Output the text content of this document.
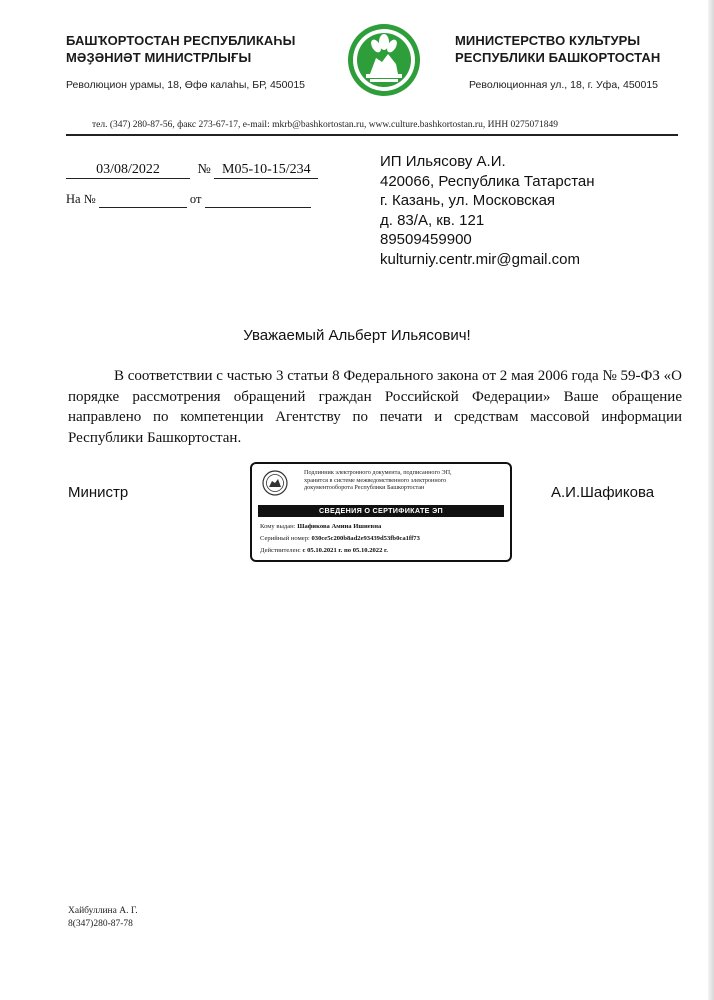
БАШҠОРТОСТАН РЕСПУБЛИКАҺЫ
МӘҘӘНИӘТ МИНИСТРЛЫҒЫ
МИНИСТЕРСТВО КУЛЬТУРЫ
РЕСПУБЛИКИ БАШКОРТОСТАН
Революцион урамы, 18, Өфө калаһы, БР, 450015	Революционная ул., 18, г. Уфа, 450015
тел. (347) 280-87-56, факс 273-67-17, e-mail: mkrb@bashkortostan.ru, www.culture.bashkortostan.ru, ИНН 0275071849
03/08/2022	№ М05-10-15/234
На №	от
ИП Ильясову А.И.
420066, Республика Татарстан
г. Казань, ул. Московская
д. 83/А, кв. 121
89509459900
kulturniy.centr.mir@gmail.com
Уважаемый Альберт Ильясович!
В соответствии с частью 3 статьи 8 Федерального закона от 2 мая 2006 года № 59-ФЗ «О порядке рассмотрения обращений граждан Российской Федерации» Ваше обращение направлено по компетенции Агентству по печати и средствам массовой информации Республики Башкортостан.
Министр	А.И.Шафикова
Подлинник электронного документа, подписанного ЭП,
хранится в системе межведомственного электронного
документооборота Республики Башкортостан
СВЕДЕНИЯ О СЕРТИФИКАТЕ ЭП
Кому выдан: Шафикова Амина Ишиевна
Серийный номер: 030ce5c200b8ad2e93439d53fb0ca1ff73
Действителен: с 05.10.2021 г. по 05.10.2022 г.
Хайбуллина А. Г.
8(347)280-87-78
